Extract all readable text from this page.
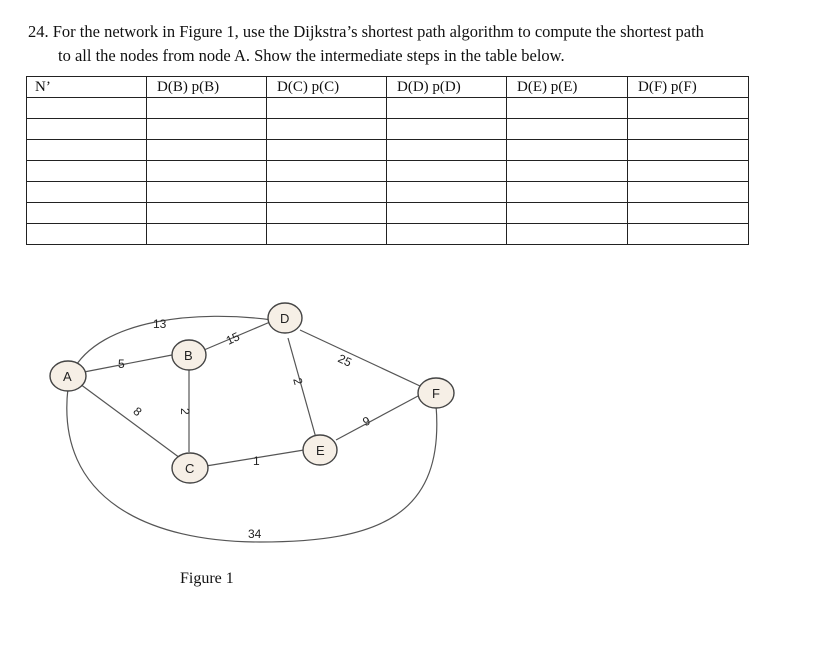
24. For the network in Figure 1, use the Dijkstra’s shortest path algorithm to compute the shortest path
to all the nodes from node A. Show the intermediate steps in the table below.
N’	D(B) p(B)	D(C) p(C)	D(D) p(D)	D(E) p(E)	D(F) p(F)

13
5
8
15
2
2
25
1
9
34
A
B
C
D
E
F
Figure 1
